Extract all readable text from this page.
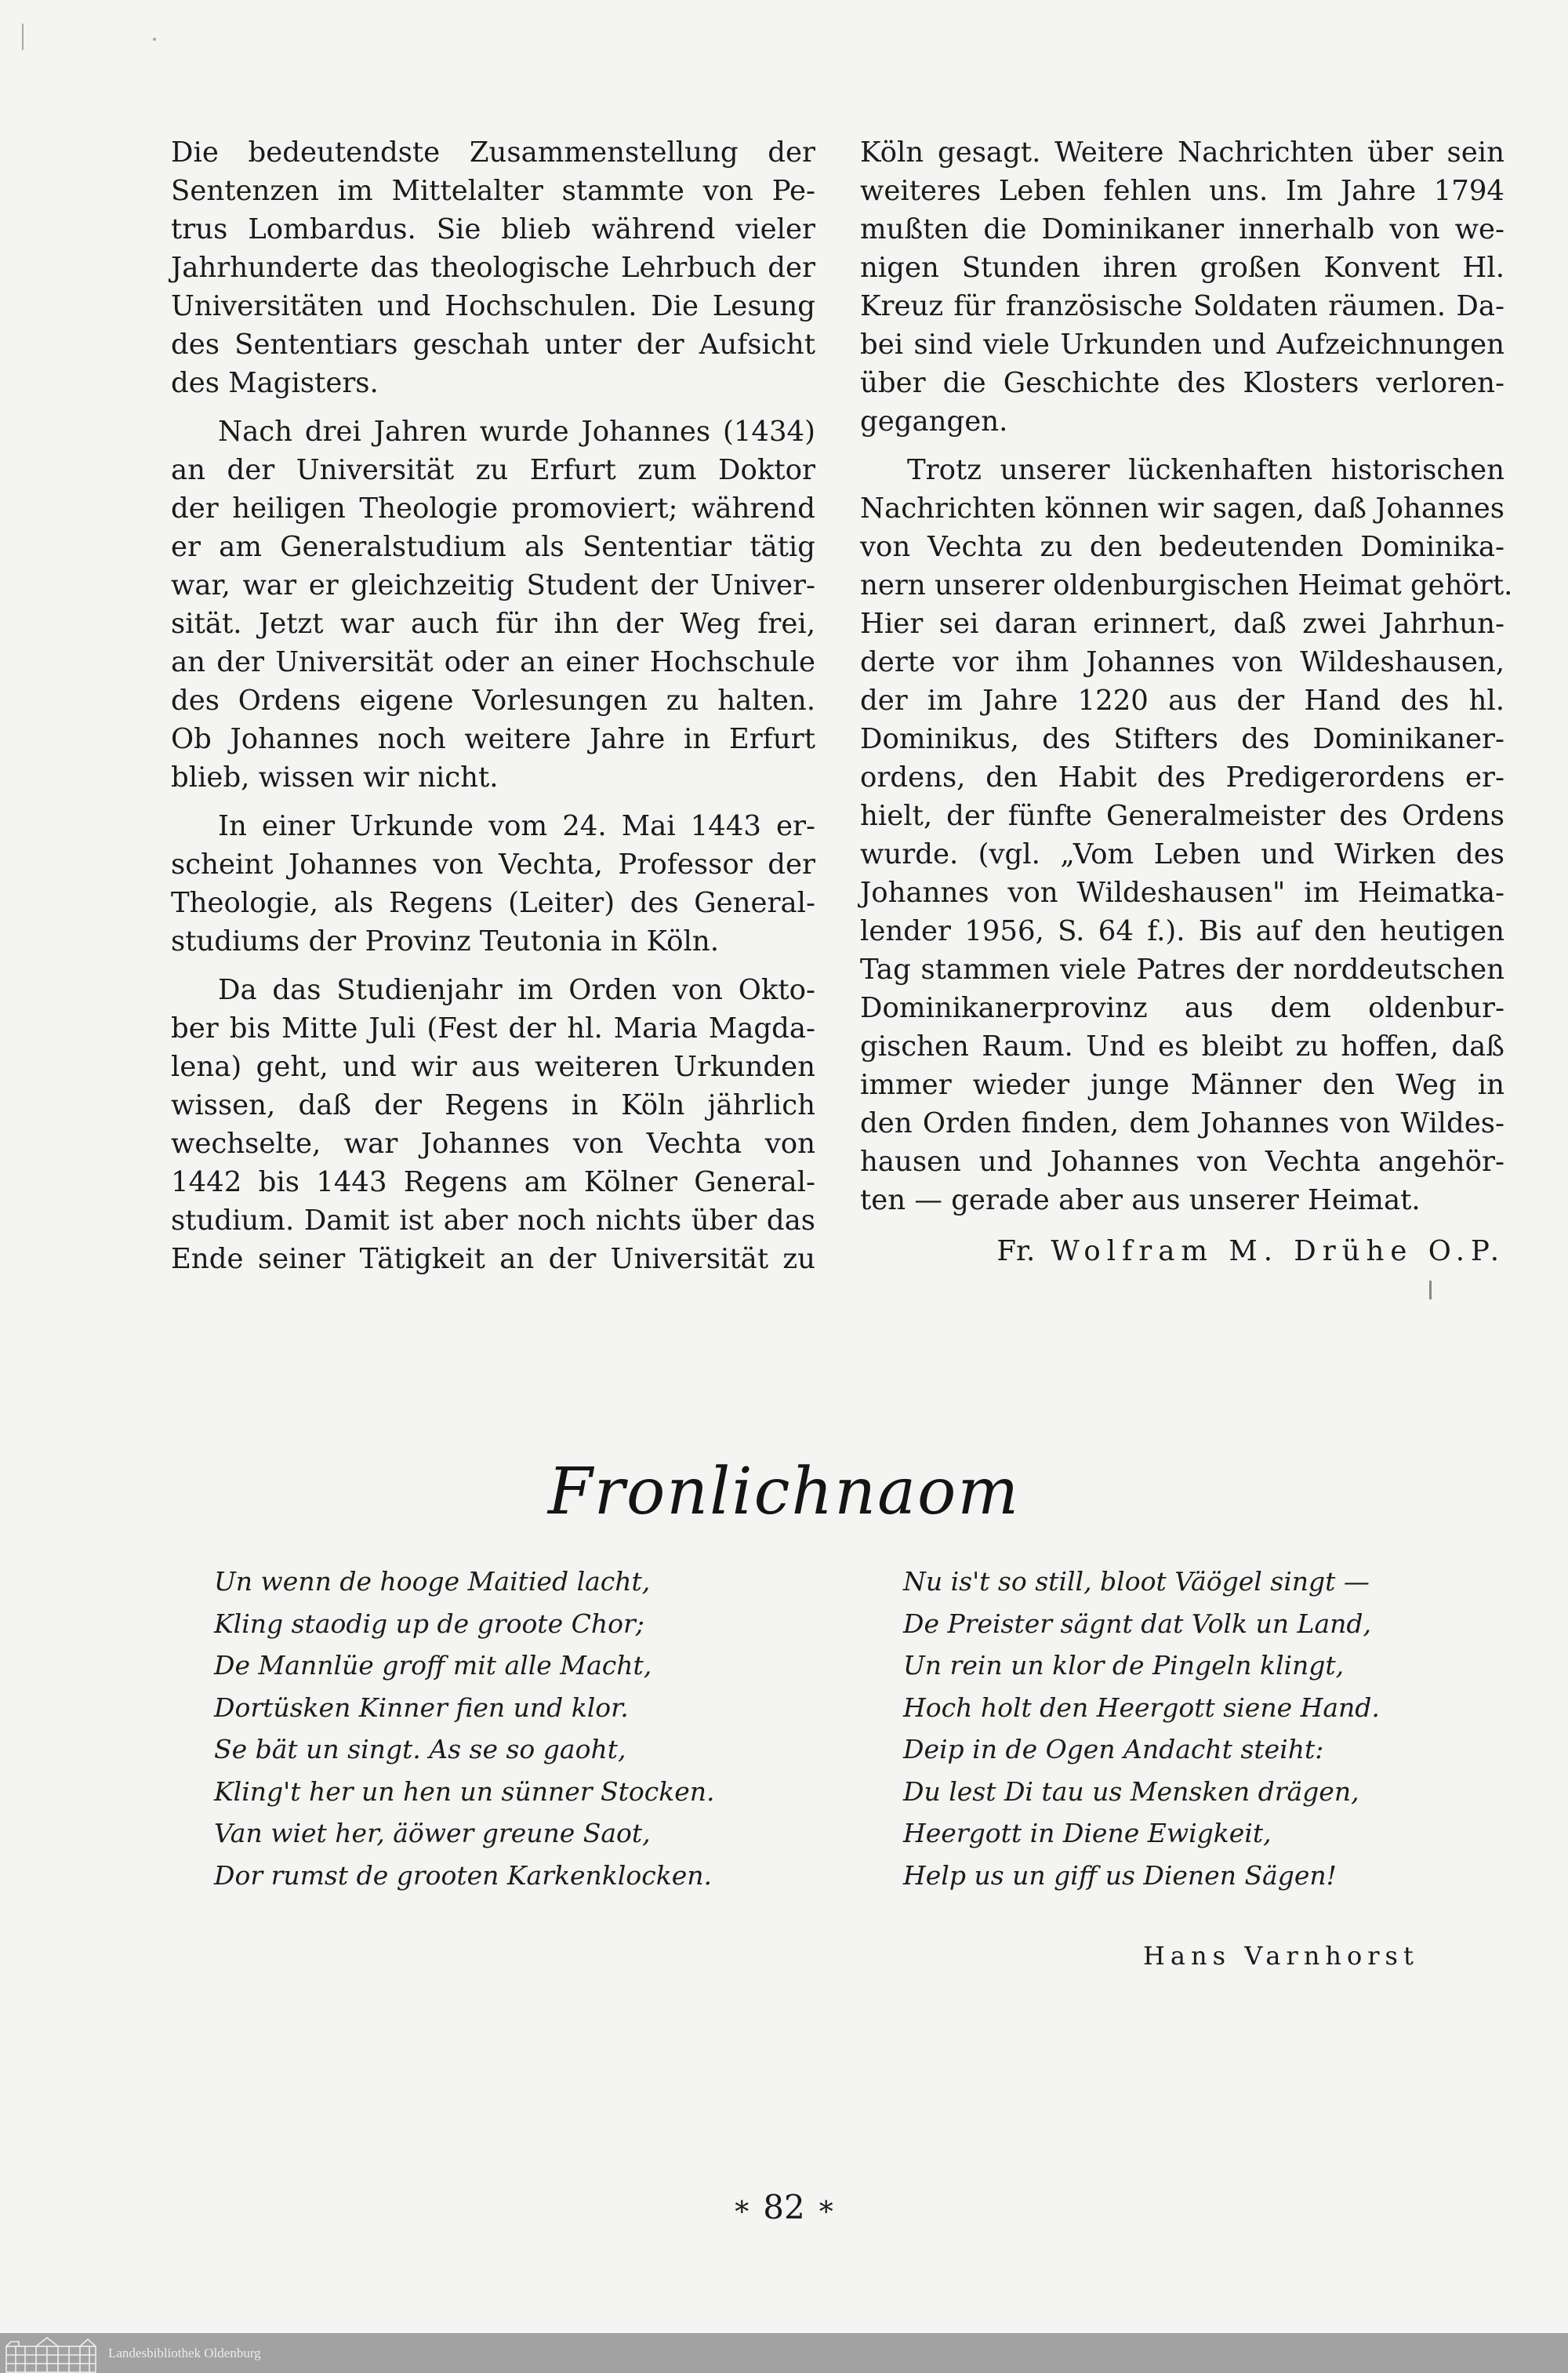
Die bedeutendste Zusammenstellung der
Sentenzen im Mittelalter stammte von Pe-
trus Lombardus. Sie blieb während vieler
Jahrhunderte das theologische Lehrbuch der
Universitäten und Hochschulen. Die Lesung
des Sententiars geschah unter der Aufsicht
des Magisters.
Nach drei Jahren wurde Johannes (1434)
an der Universität zu Erfurt zum Doktor
der heiligen Theologie promoviert; während
er am Generalstudium als Sententiar tätig
war, war er gleichzeitig Student der Univer-
sität. Jetzt war auch für ihn der Weg frei,
an der Universität oder an einer Hochschule
des Ordens eigene Vorlesungen zu halten.
Ob Johannes noch weitere Jahre in Erfurt
blieb, wissen wir nicht.
In einer Urkunde vom 24. Mai 1443 er-
scheint Johannes von Vechta, Professor der
Theologie, als Regens (Leiter) des General-
studiums der Provinz Teutonia in Köln.
Da das Studienjahr im Orden von Okto-
ber bis Mitte Juli (Fest der hl. Maria Magda-
lena) geht, und wir aus weiteren Urkunden
wissen, daß der Regens in Köln jährlich
wechselte, war Johannes von Vechta von
1442 bis 1443 Regens am Kölner General-
studium. Damit ist aber noch nichts über das
Ende seiner Tätigkeit an der Universität zu
Köln gesagt. Weitere Nachrichten über sein
weiteres Leben fehlen uns. Im Jahre 1794
mußten die Dominikaner innerhalb von we-
nigen Stunden ihren großen Konvent Hl.
Kreuz für französische Soldaten räumen. Da-
bei sind viele Urkunden und Aufzeichnungen
über die Geschichte des Klosters verloren-
gegangen.
Trotz unserer lückenhaften historischen
Nachrichten können wir sagen, daß Johannes
von Vechta zu den bedeutenden Dominika-
nern unserer oldenburgischen Heimat gehört.
Hier sei daran erinnert, daß zwei Jahrhun-
derte vor ihm Johannes von Wildeshausen,
der im Jahre 1220 aus der Hand des hl.
Dominikus, des Stifters des Dominikaner-
ordens, den Habit des Predigerordens er-
hielt, der fünfte Generalmeister des Ordens
wurde. (vgl. „Vom Leben und Wirken des
Johannes von Wildeshausen" im Heimatka-
lender 1956, S. 64 f.). Bis auf den heutigen
Tag stammen viele Patres der norddeutschen
Dominikanerprovinz aus dem oldenbur-
gischen Raum. Und es bleibt zu hoffen, daß
immer wieder junge Männer den Weg in
den Orden finden, dem Johannes von Wildes-
hausen und Johannes von Vechta angehör-
ten — gerade aber aus unserer Heimat.
Fr. Wolfram M. Drühe O.P.
Fronlichnaom
Un wenn de hooge Maitied lacht,
Kling staodig up de groote Chor;
De Mannlüe groff mit alle Macht,
Dortüsken Kinner fien und klor.
Se bät un singt. As se so gaoht,
Kling't her un hen un sünner Stocken.
Van wiet her, äöwer greune Saot,
Dor rumst de grooten Karkenklocken.
Nu is't so still, bloot Väögel singt —
De Preister sägnt dat Volk un Land,
Un rein un klor de Pingeln klingt,
Hoch holt den Heergott siene Hand.
Deip in de Ogen Andacht steiht:
Du lest Di tau us Mensken drägen,
Heergott in Diene Ewigkeit,
Help us un giff us Dienen Sägen!
Hans Varnhorst
* 82 *
Landesbibliothek Oldenburg
